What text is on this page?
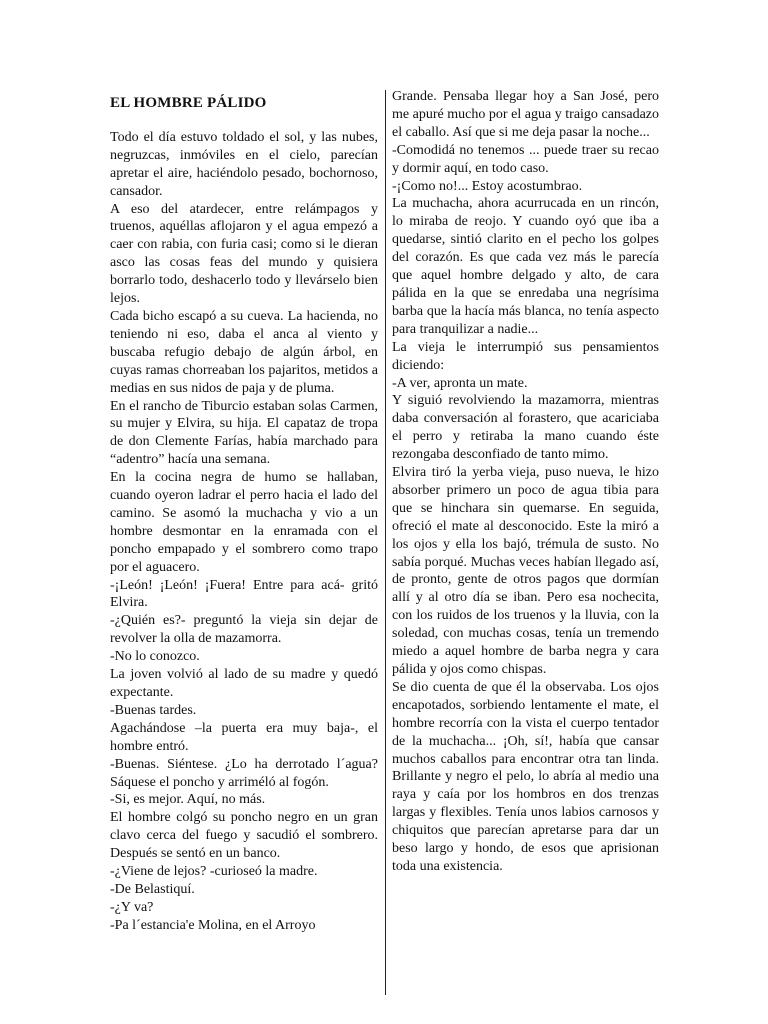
EL HOMBRE PÁLIDO

Todo el día estuvo toldado el sol, y las nubes, negruzcas, inmóviles en el cielo, parecían apretar el aire, haciéndolo pesado, bochornoso, cansador.

A eso del atardecer, entre relámpagos y truenos, aquéllas aflojaron y el agua empezó a caer con rabia, con furia casi; como si le dieran asco las cosas feas del mundo y quisiera borrarlo todo, deshacerlo todo y llevárselo bien lejos.

Cada bicho escapó a su cueva. La hacienda, no teniendo ni eso, daba el anca al viento y buscaba refugio debajo de algún árbol, en cuyas ramas chorreaban los pajaritos, metidos a medias en sus nidos de paja y de pluma.

En el rancho de Tiburcio estaban solas Carmen, su mujer y Elvira, su hija. El capataz de tropa de don Clemente Farías, había marchado para “adentro” hacía una semana.

En la cocina negra de humo se hallaban, cuando oyeron ladrar el perro hacia el lado del camino. Se asomó la muchacha y vio a un hombre desmontar en la enramada con el poncho empapado y el sombrero como trapo por el aguacero.

-¡León! ¡León! ¡Fuera! Entre para acá- gritó Elvira.

-¿Quién es?- preguntó la vieja sin dejar de revolver la olla de mazamorra.

-No lo conozco.

La joven volvió al lado de su madre y quedó expectante.

-Buenas tardes.

Agachándose –la puerta era muy baja-, el hombre entró.

-Buenas. Siéntese. ¿Lo ha derrotado l´agua? Sáquese el poncho y arriméló al fogón.

-Si, es mejor. Aquí, no más.

El hombre colgó su poncho negro en un gran clavo cerca del fuego y sacudió el sombrero. Después se sentó en un banco.

-¿Viene de lejos? -curioseó la madre.

-De Belastiquí.

-¿Y va?

-Pa l´estancia'e Molina, en el Arroyo

Grande. Pensaba llegar hoy a San José, pero me apuré mucho por el agua y traigo cansadazo el caballo. Así que si me deja pasar la noche...

-Comodidá no tenemos ... puede traer su recao y dormir aquí, en todo caso.

-¡Como no!... Estoy acostumbrao.

La muchacha, ahora acurrucada en un rincón, lo miraba de reojo. Y cuando oyó que iba a quedarse, sintió clarito en el pecho los golpes del corazón. Es que cada vez más le parecía que aquel hombre delgado y alto, de cara pálida en la que se enredaba una negrísima barba que la hacía más blanca, no tenía aspecto para tranquilizar a nadie...

La vieja le interrumpió sus pensamientos diciendo:

-A ver, apronta un mate.

Y siguió revolviendo la mazamorra, mientras daba conversación al forastero, que acariciaba el perro y retiraba la mano cuando éste rezongaba desconfiado de tanto mimo.

Elvira tiró la yerba vieja, puso nueva, le hizo absorber primero un poco de agua tibia para que se hinchara sin quemarse. En seguida, ofreció el mate al desconocido. Este la miró a los ojos y ella los bajó, trémula de susto. No sabía porqué. Muchas veces habían llegado así, de pronto, gente de otros pagos que dormían allí y al otro día se iban. Pero esa nochecita, con los ruidos de los truenos y la lluvia, con la soledad, con muchas cosas, tenía un tremendo miedo a aquel hombre de barba negra y cara pálida y ojos como chispas.

Se dio cuenta de que él la observaba. Los ojos encapotados, sorbiendo lentamente el mate, el hombre recorría con la vista el cuerpo tentador de la muchacha... ¡Oh, sí!, había que cansar muchos caballos para encontrar otra tan linda. Brillante y negro el pelo, lo abría al medio una raya y caía por los hombros en dos trenzas largas y flexibles. Tenía unos labios carnosos y chiquitos que parecían apretarse para dar un beso largo y hondo, de esos que aprisionan toda una existencia.
